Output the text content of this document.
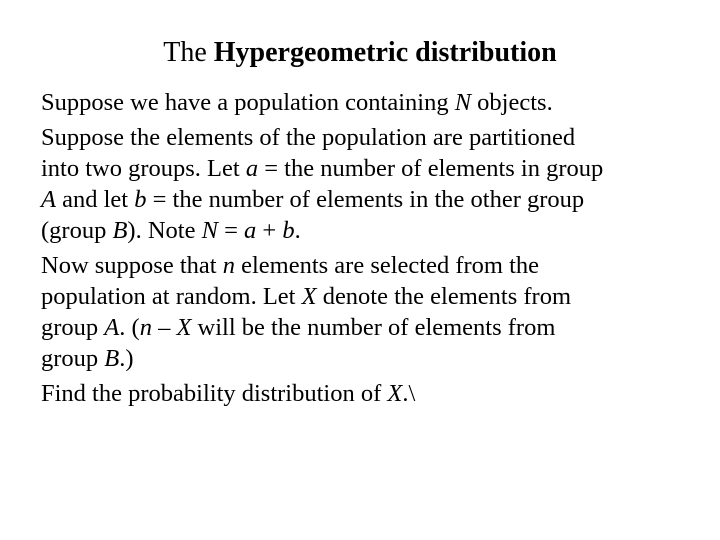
The Hypergeometric distribution
Suppose we have a population containing N objects.
Suppose the elements of the population are partitioned
into two groups. Let a = the number of elements in group
A and let b = the number of elements in the other group
(group B). Note N = a + b.
Now suppose that n elements are selected from the
population at random. Let X denote the elements from
group A. (n – X will be the number of elements from
group B.)
Find the probability distribution of X.\
